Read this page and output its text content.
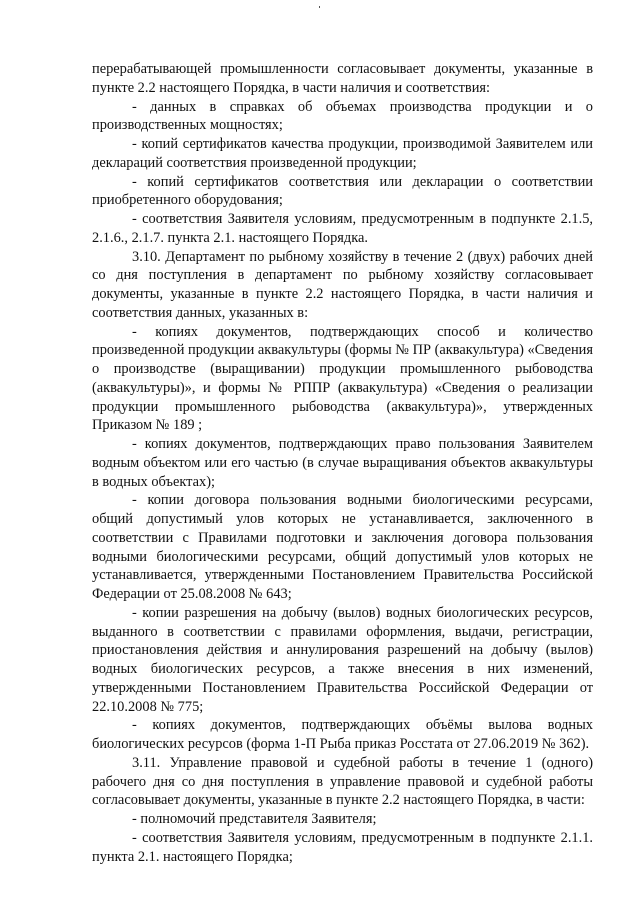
перерабатывающей промышленности согласовывает документы, указанные в пункте 2.2 настоящего Порядка, в части наличия и соответствия:

- данных в справках об объемах производства продукции и о производственных мощностях;

- копий сертификатов качества продукции, производимой Заявителем или деклараций соответствия произведенной продукции;

- копий сертификатов соответствия или декларации о соответствии приобретенного оборудования;

- соответствия Заявителя условиям, предусмотренным в подпункте 2.1.5, 2.1.6., 2.1.7. пункта 2.1. настоящего Порядка.

3.10. Департамент по рыбному хозяйству в течение 2 (двух) рабочих дней со дня поступления в департамент по рыбному хозяйству согласовывает документы, указанные в пункте 2.2 настоящего Порядка, в части наличия и соответствия данных, указанных в:

- копиях документов, подтверждающих способ и количество произведенной продукции аквакультуры (формы № ПР (аквакультура) «Сведения о производстве (выращивании) продукции промышленного рыбоводства (аквакультуры)», и формы № РППР (аквакультура) «Сведения о реализации продукции промышленного рыбоводства (аквакультура)», утвержденных Приказом № 189 ;

- копиях документов, подтверждающих право пользования Заявителем водным объектом или его частью (в случае выращивания объектов аквакультуры в водных объектах);

- копии договора пользования водными биологическими ресурсами, общий допустимый улов которых не устанавливается, заключенного в соответствии с Правилами подготовки и заключения договора пользования водными биологическими ресурсами, общий допустимый улов которых не устанавливается, утвержденными Постановлением Правительства Российской Федерации от 25.08.2008 № 643;

- копии разрешения на добычу (вылов) водных биологических ресурсов, выданного в соответствии с правилами оформления, выдачи, регистрации, приостановления действия и аннулирования разрешений на добычу (вылов) водных биологических ресурсов, а также внесения в них изменений, утвержденными Постановлением Правительства Российской Федерации от 22.10.2008 № 775;

- копиях документов, подтверждающих объёмы вылова водных биологических ресурсов (форма 1-П Рыба приказ Росстата от 27.06.2019 № 362).

3.11. Управление правовой и судебной работы в течение 1 (одного) рабочего дня со дня поступления в управление правовой и судебной работы согласовывает документы, указанные в пункте 2.2 настоящего Порядка, в части:

- полномочий представителя Заявителя;

- соответствия Заявителя условиям, предусмотренным в подпункте 2.1.1. пункта 2.1. настоящего Порядка;
